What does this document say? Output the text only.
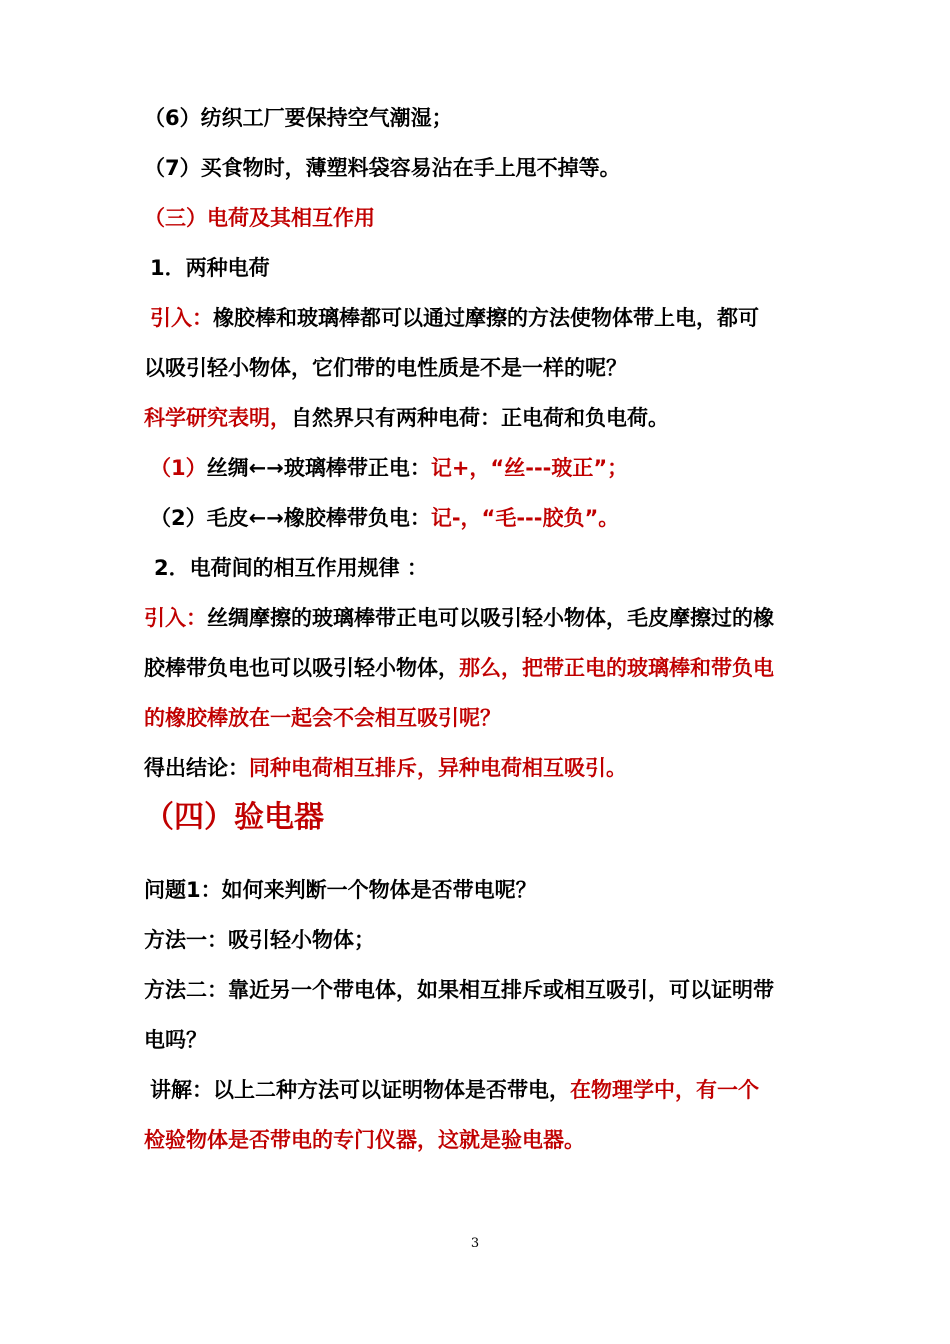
（6）纺织工厂要保持空气潮湿；
（7）买食物时，薄塑料袋容易沾在手上甩不掉等。
（三）电荷及其相互作用
1．两种电荷
引入：橡胶棒和玻璃棒都可以通过摩擦的方法使物体带上电，都可
以吸引轻小物体，它们带的电性质是不是一样的呢？
科学研究表明，自然界只有两种电荷：正电荷和负电荷。
（1）丝绸←→玻璃棒带正电：记+，“丝---玻正”；
（2）毛皮←→橡胶棒带负电：记-，“毛---胶负”。
2．电荷间的相互作用规律 ：
引入：丝绸摩擦的玻璃棒带正电可以吸引轻小物体，毛皮摩擦过的橡
胶棒带负电也可以吸引轻小物体，那么，把带正电的玻璃棒和带负电
的橡胶棒放在一起会不会相互吸引呢？
得出结论：同种电荷相互排斥，异种电荷相互吸引。
（四）验电器
问题1：如何来判断一个物体是否带电呢？
方法一：吸引轻小物体；
方法二：靠近另一个带电体，如果相互排斥或相互吸引，可以证明带
电吗？
讲解：以上二种方法可以证明物体是否带电，在物理学中，有一个
检验物体是否带电的专门仪器，这就是验电器。
3
